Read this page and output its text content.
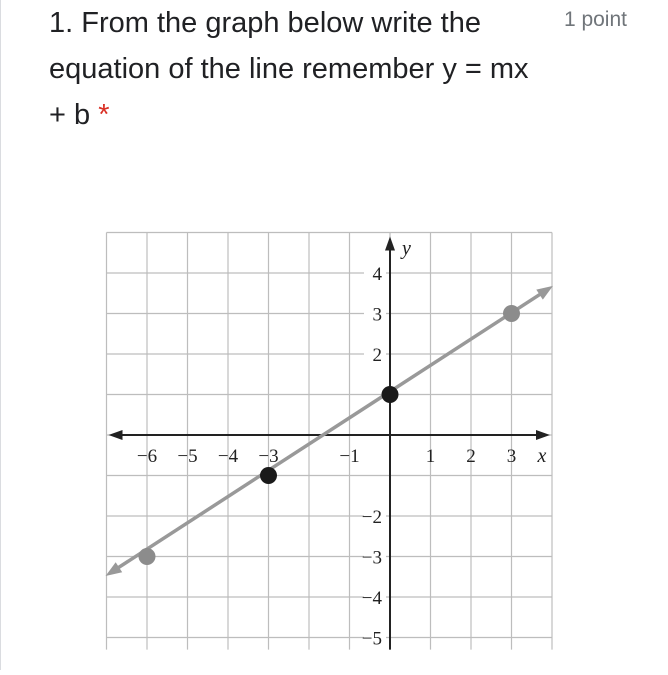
1. From the graph below write the equation of the line remember y = mx + b *
1 point
x
y
−6 −5 −4 −3	−1	1 2 3
4
3
2
−2
−3
−4
−5
